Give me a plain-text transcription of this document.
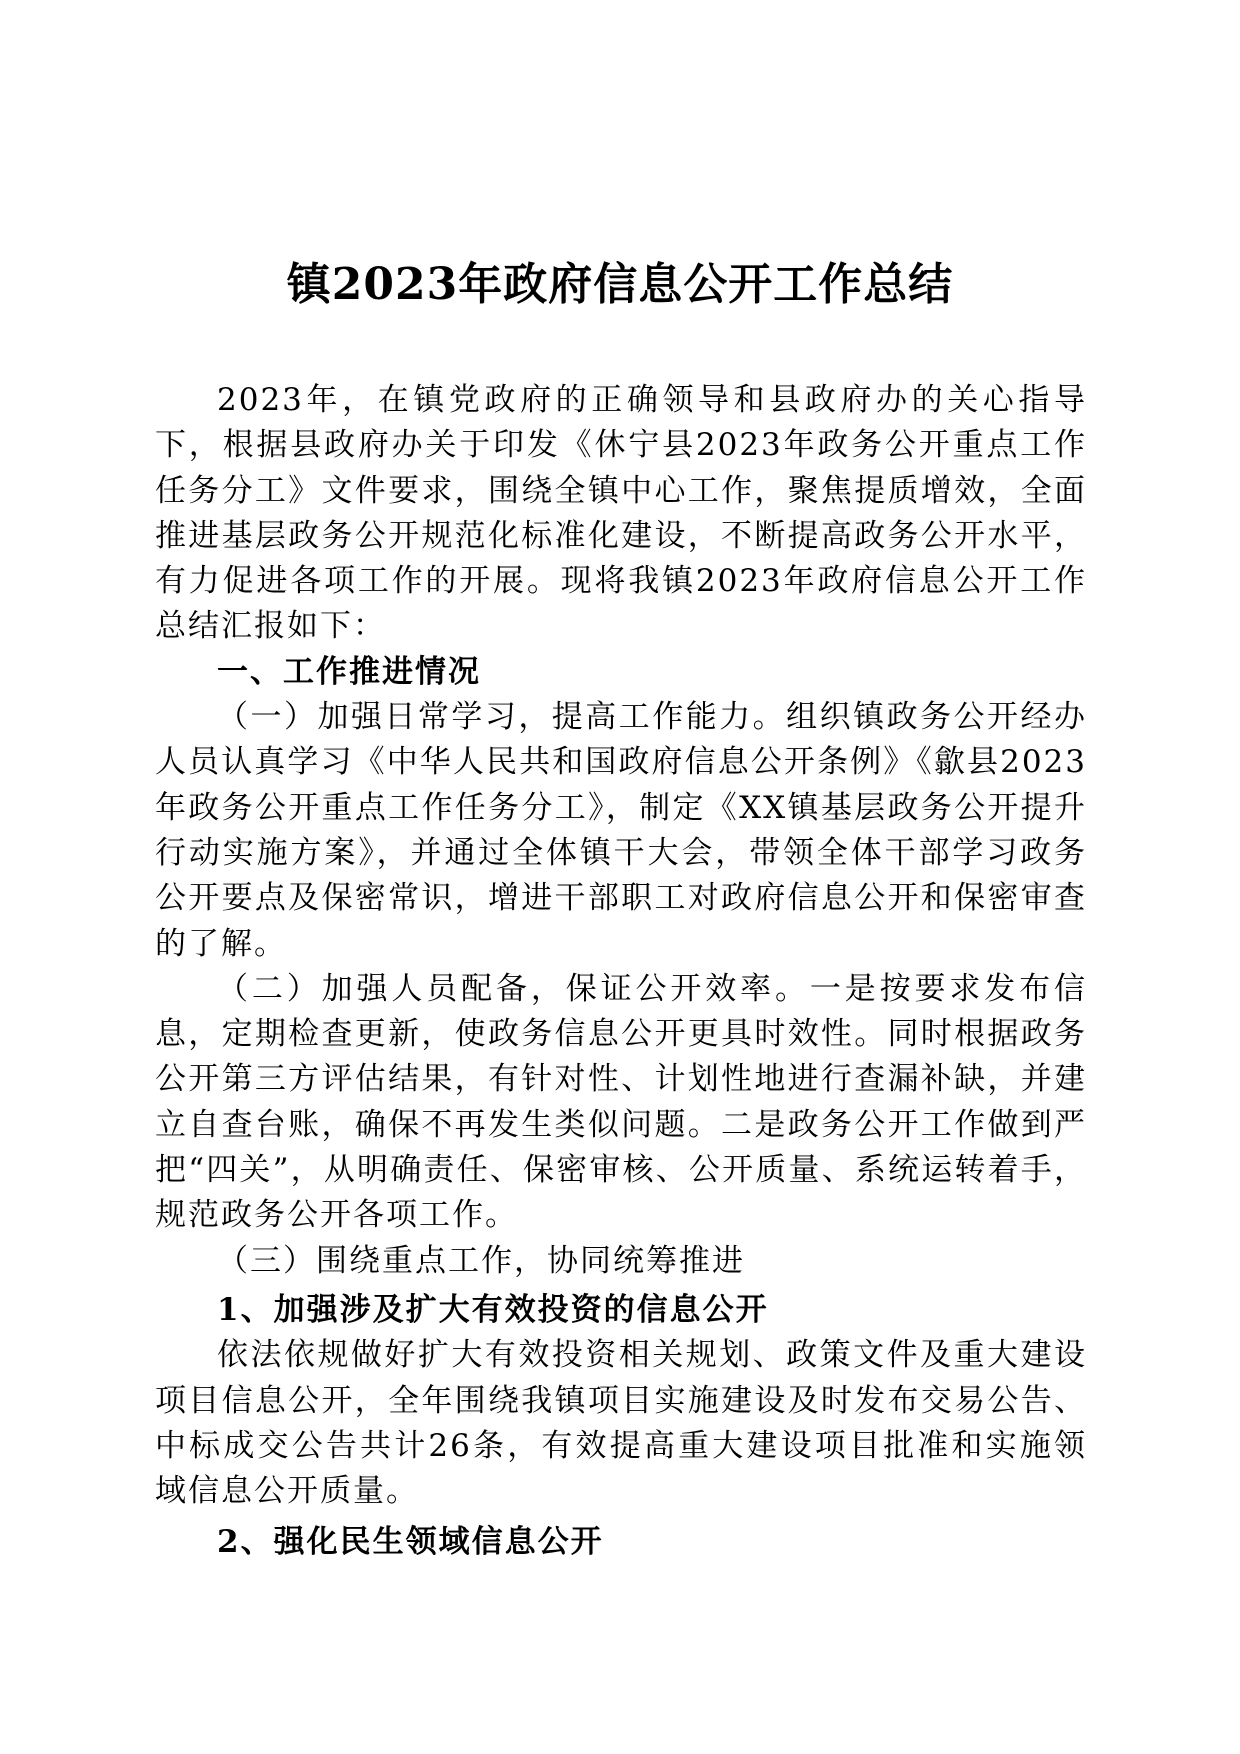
镇2023年政府信息公开工作总结

2023年，在镇党政府的正确领导和县政府办的关心指导下，根据县政府办关于印发《休宁县2023年政务公开重点工作任务分工》文件要求，围绕全镇中心工作，聚焦提质增效，全面推进基层政务公开规范化标准化建设，不断提高政务公开水平，有力促进各项工作的开展。现将我镇2023年政府信息公开工作总结汇报如下：

一、工作推进情况

（一）加强日常学习，提高工作能力。组织镇政务公开经办人员认真学习《中华人民共和国政府信息公开条例》《歙县2023年政务公开重点工作任务分工》，制定《XX镇基层政务公开提升行动实施方案》，并通过全体镇干大会，带领全体干部学习政务公开要点及保密常识，增进干部职工对政府信息公开和保密审查的了解。

（二）加强人员配备，保证公开效率。一是按要求发布信息，定期检查更新，使政务信息公开更具时效性。同时根据政务公开第三方评估结果，有针对性、计划性地进行查漏补缺，并建立自查台账，确保不再发生类似问题。二是政务公开工作做到严把“四关”，从明确责任、保密审核、公开质量、系统运转着手，规范政务公开各项工作。

（三）围绕重点工作，协同统筹推进

1、加强涉及扩大有效投资的信息公开

依法依规做好扩大有效投资相关规划、政策文件及重大建设项目信息公开，全年围绕我镇项目实施建设及时发布交易公告、中标成交公告共计26条，有效提高重大建设项目批准和实施领域信息公开质量。

2、强化民生领域信息公开
